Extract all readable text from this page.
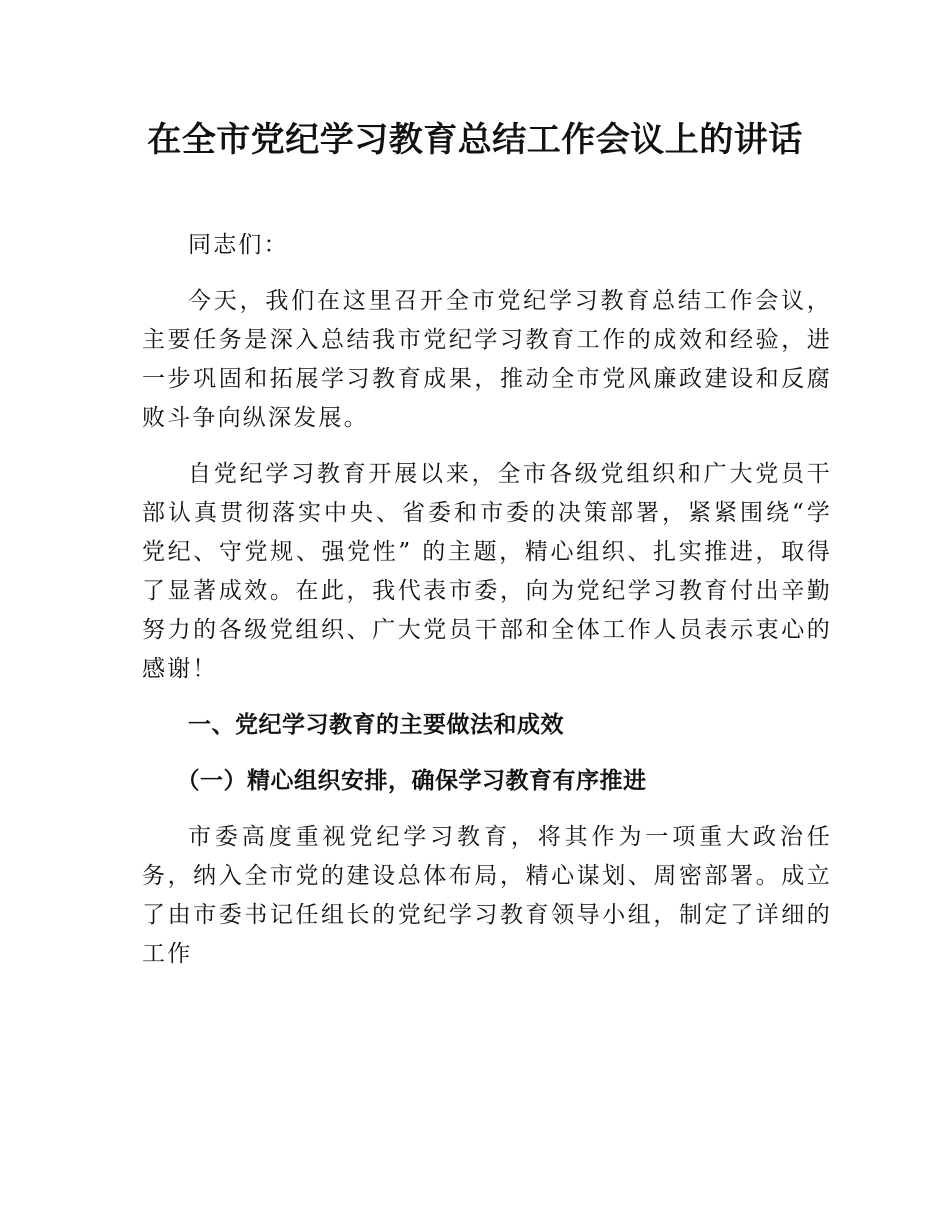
在全市党纪学习教育总结工作会议上的讲话

同志们：

今天，我们在这里召开全市党纪学习教育总结工作会议，主要任务是深入总结我市党纪学习教育工作的成效和经验，进一步巩固和拓展学习教育成果，推动全市党风廉政建设和反腐败斗争向纵深发展。

自党纪学习教育开展以来，全市各级党组织和广大党员干部认真贯彻落实中央、省委和市委的决策部署，紧紧围绕“学党纪、守党规、强党性” 的主题，精心组织、扎实推进，取得了显著成效。在此，我代表市委，向为党纪学习教育付出辛勤努力的各级党组织、广大党员干部和全体工作人员表示衷心的感谢！

一、党纪学习教育的主要做法和成效
（一）精心组织安排，确保学习教育有序推进

市委高度重视党纪学习教育，将其作为一项重大政治任务，纳入全市党的建设总体布局，精心谋划、周密部署。成立了由市委书记任组长的党纪学习教育领导小组，制定了详细的工作
